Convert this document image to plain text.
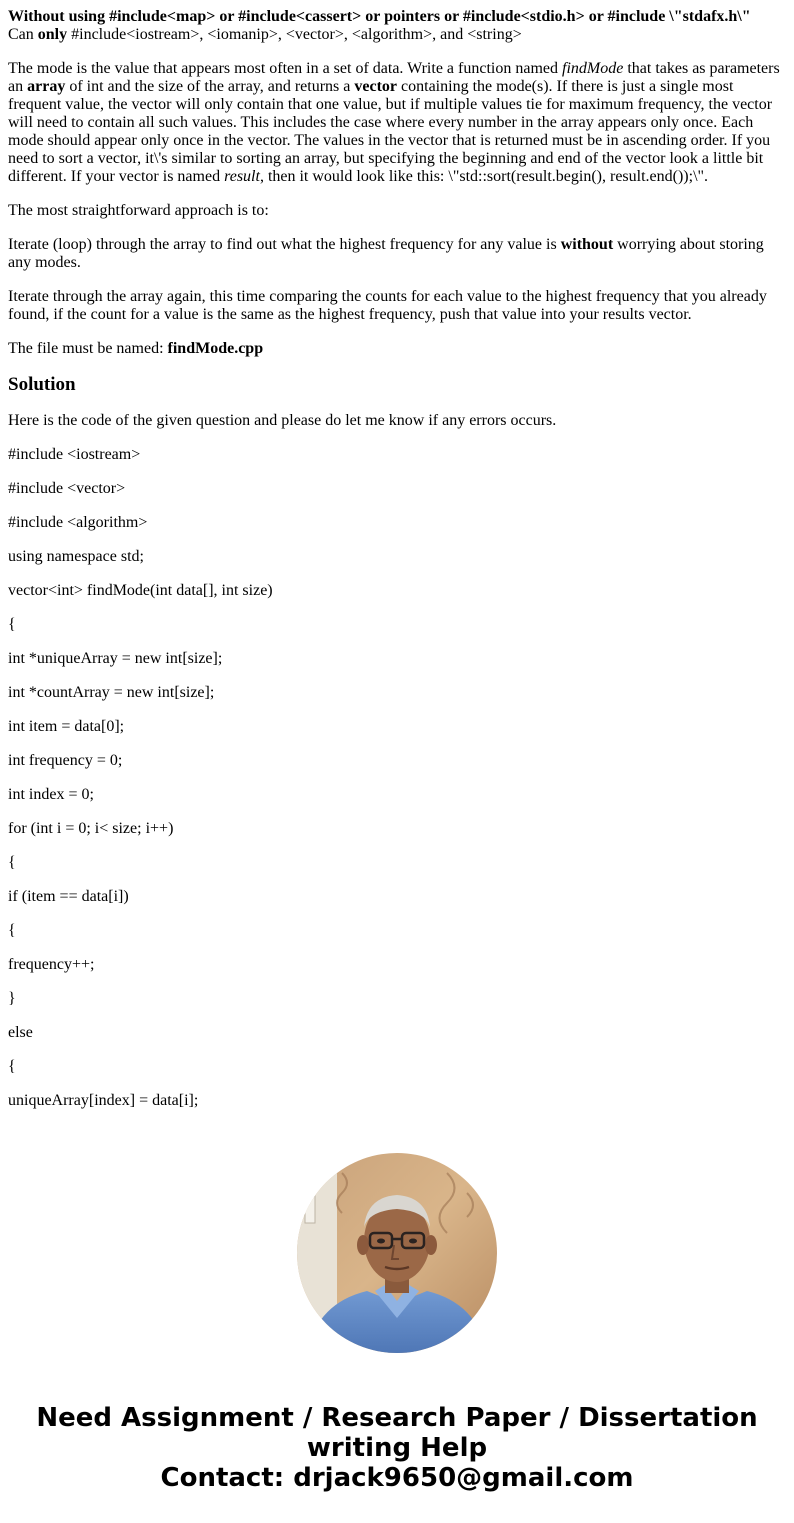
Without using #include<map> or #include<cassert> or pointers or #include<stdio.h> or #include \"stdafx.h\"
Can only #include<iostream>, <iomanip>, <vector>, <algorithm>, and <string>

The mode is the value that appears most often in a set of data. Write a function named findMode that takes as parameters an array of int and the size of the array, and returns a vector containing the mode(s). If there is just a single most frequent value, the vector will only contain that one value, but if multiple values tie for maximum frequency, the vector will need to contain all such values. This includes the case where every number in the array appears only once. Each mode should appear only once in the vector. The values in the vector that is returned must be in ascending order. If you need to sort a vector, it\'s similar to sorting an array, but specifying the beginning and end of the vector look a little bit different. If your vector is named result, then it would look like this: \"std::sort(result.begin(), result.end());\".

The most straightforward approach is to:

Iterate (loop) through the array to find out what the highest frequency for any value is without worrying about storing any modes.

Iterate through the array again, this time comparing the counts for each value to the highest frequency that you already found, if the count for a value is the same as the highest frequency, push that value into your results vector.

The file must be named: findMode.cpp

Solution

Here is the code of the given question and please do let me know if any errors occurs.

#include <iostream>

#include <vector>

#include <algorithm>

using namespace std;

vector<int> findMode(int data[], int size)

{

int *uniqueArray = new int[size];

int *countArray = new int[size];

int item = data[0];

int frequency = 0;

int index = 0;

for (int i = 0; i< size; i++)

{

if (item == data[i])

{

frequency++;

}

else

{

uniqueArray[index] = data[i];

Need Assignment / Research Paper / Dissertation
writing Help
Contact: drjack9650@gmail.com
